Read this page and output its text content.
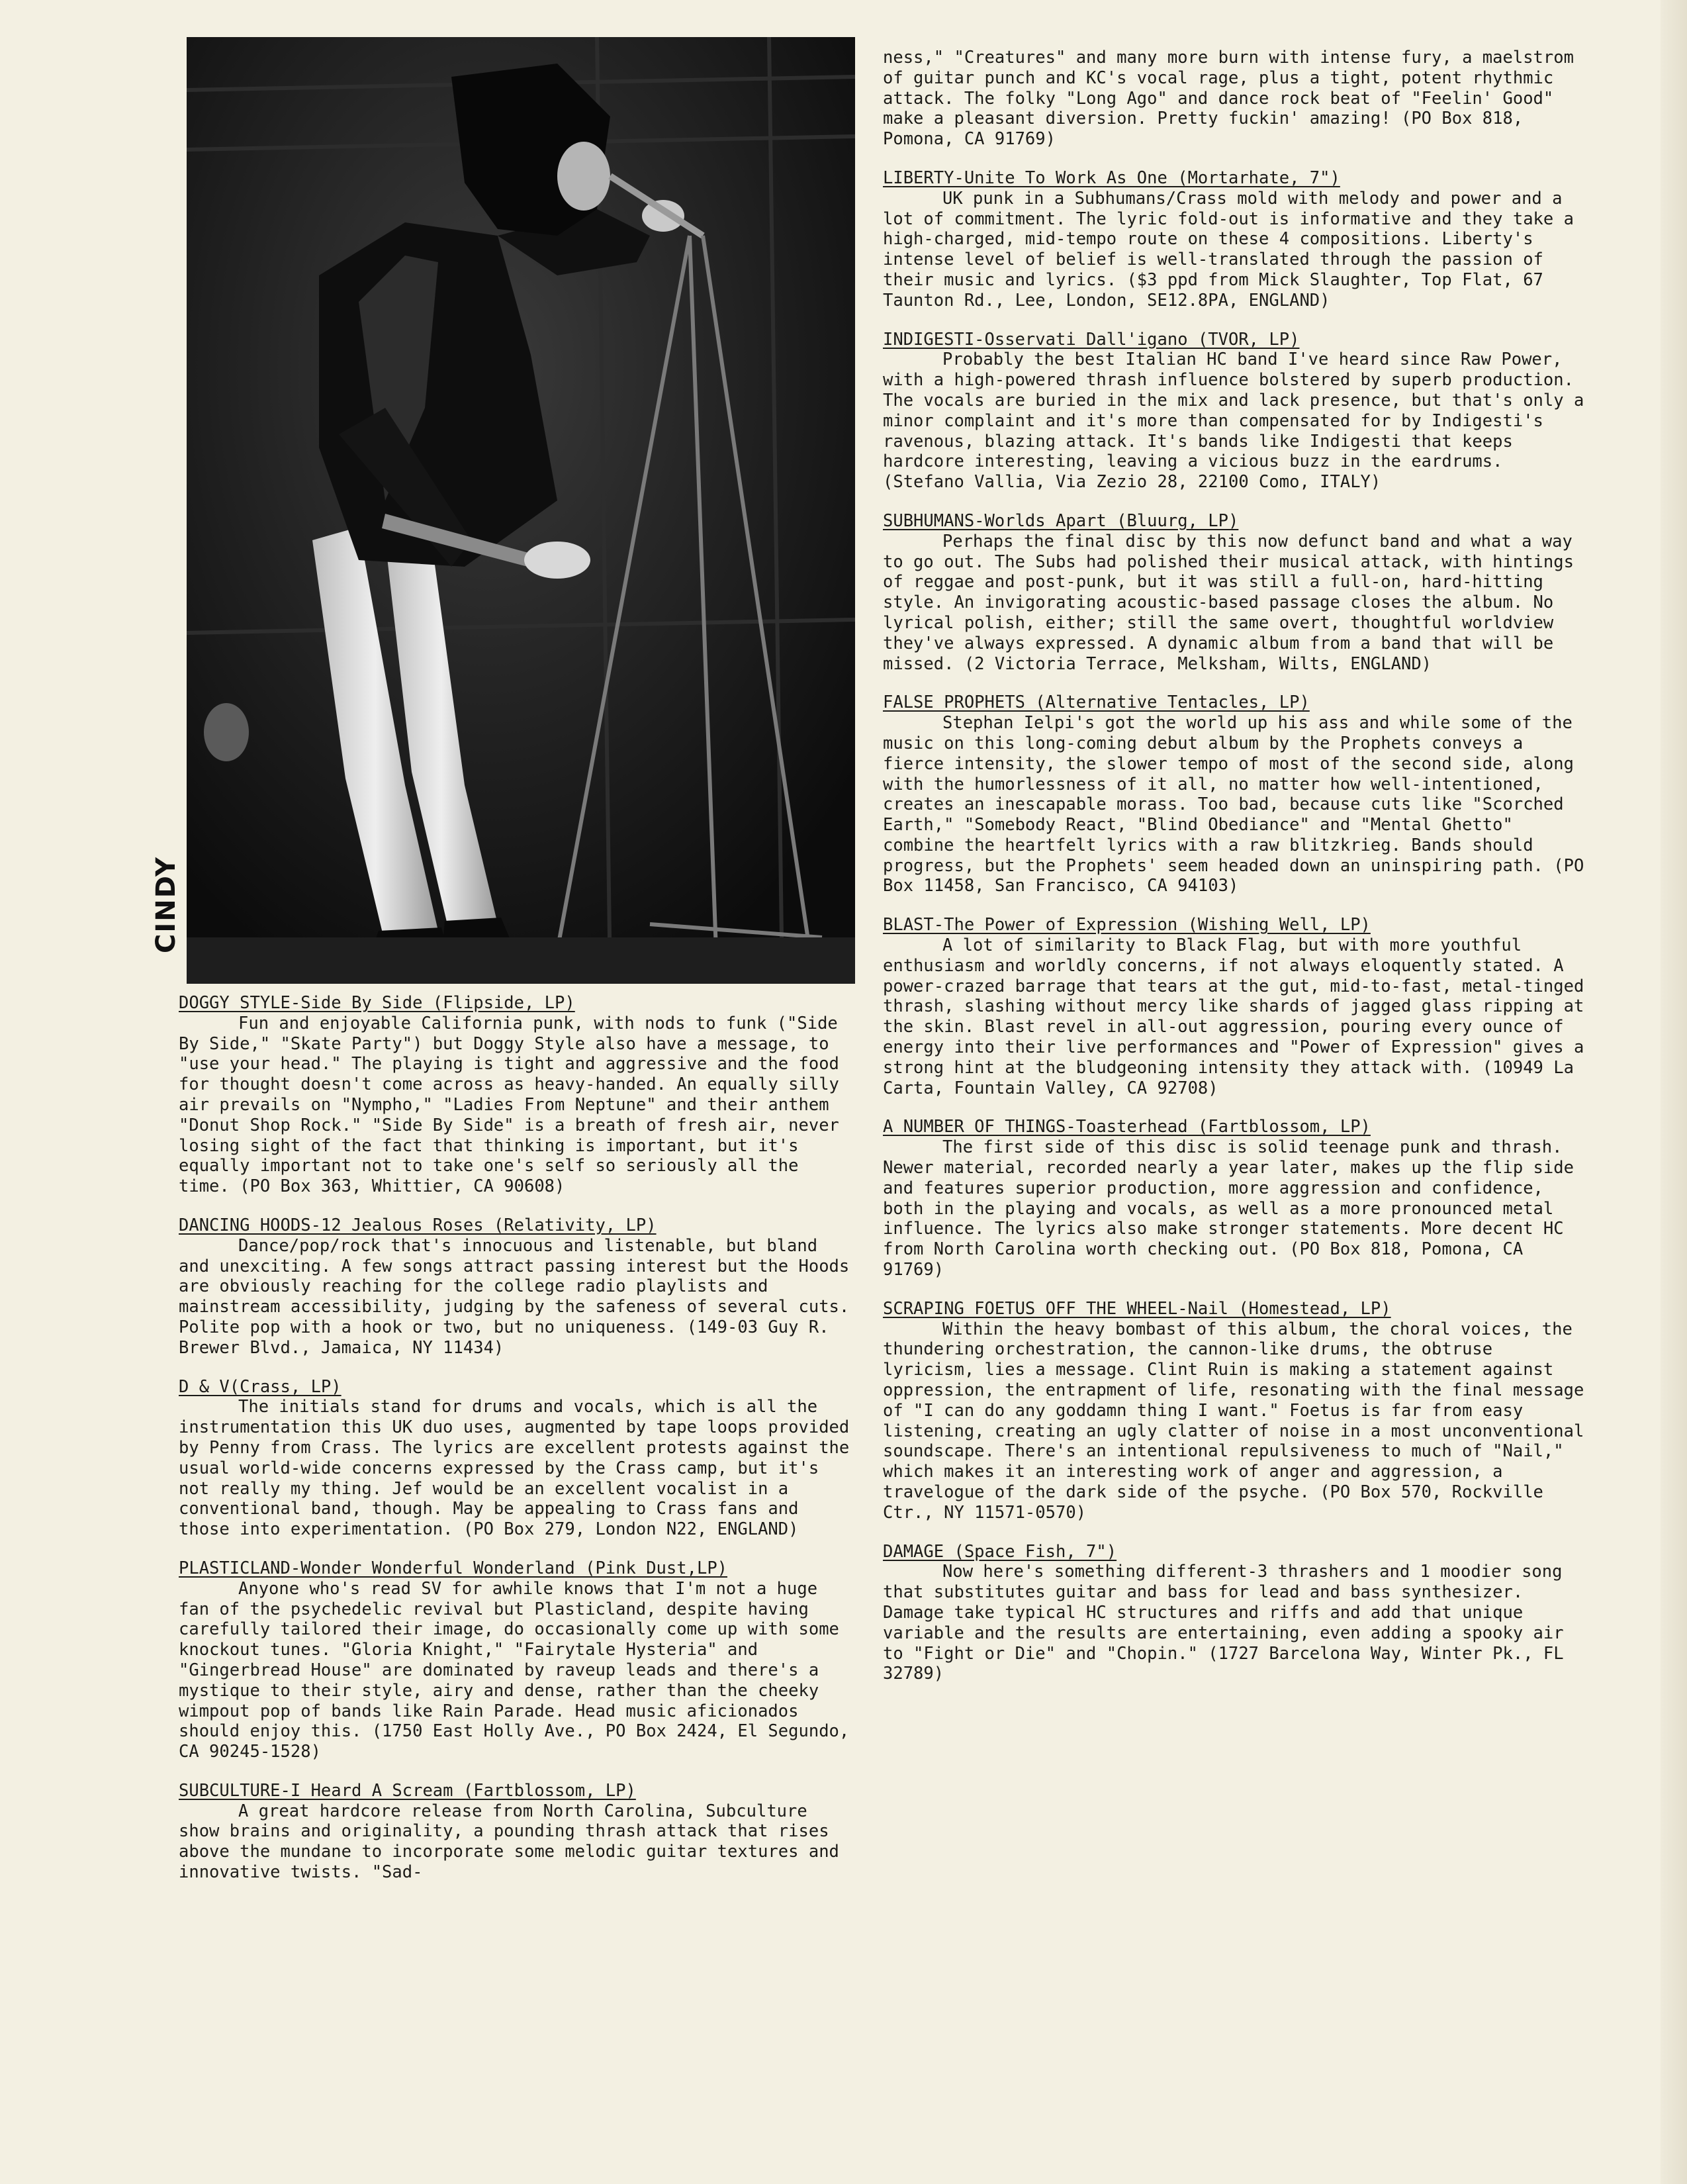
CINDY
DOGGY STYLE-Side By Side (Flipside, LP)

Fun and enjoyable California punk, with nods to funk ("Side By Side," "Skate Party") but Doggy Style also have a message, to "use your head." The playing is tight and aggressive and the food for thought doesn't come across as heavy-handed. An equally silly air prevails on "Nympho," "Ladies From Neptune" and their anthem "Donut Shop Rock." "Side By Side" is a breath of fresh air, never losing sight of the fact that thinking is important, but it's equally important not to take one's self so seriously all the time. (PO Box 363, Whittier, CA 90608)

DANCING HOODS-12 Jealous Roses (Relativity, LP)

Dance/pop/rock that's innocuous and listenable, but bland and unexciting. A few songs attract passing interest but the Hoods are obviously reaching for the college radio playlists and mainstream accessibility, judging by the safeness of several cuts. Polite pop with a hook or two, but no uniqueness. (149-03 Guy R. Brewer Blvd., Jamaica, NY 11434)

D & V(Crass, LP)

The initials stand for drums and vocals, which is all the instrumentation this UK duo uses, augmented by tape loops provided by Penny from Crass. The lyrics are excellent protests against the usual world-wide concerns expressed by the Crass camp, but it's not really my thing. Jef would be an excellent vocalist in a conventional band, though. May be appealing to Crass fans and those into experimentation. (PO Box 279, London N22, ENGLAND)

PLASTICLAND-Wonder Wonderful Wonderland (Pink Dust,LP)

Anyone who's read SV for awhile knows that I'm not a huge fan of the psychedelic revival but Plasticland, despite having carefully tailored their image, do occasionally come up with some knockout tunes. "Gloria Knight," "Fairytale Hysteria" and "Gingerbread House" are dominated by raveup leads and there's a mystique to their style, airy and dense, rather than the cheeky wimpout pop of bands like Rain Parade. Head music aficionados should enjoy this. (1750 East Holly Ave., PO Box 2424, El Segundo, CA 90245-1528)

SUBCULTURE-I Heard A Scream (Fartblossom, LP)

A great hardcore release from North Carolina, Subculture show brains and originality, a pounding thrash attack that rises above the mundane to incorporate some melodic guitar textures and innovative twists. "Sad-

ness," "Creatures" and many more burn with intense fury, a maelstrom of guitar punch and KC's vocal rage, plus a tight, potent rhythmic attack. The folky "Long Ago" and dance rock beat of "Feelin' Good" make a pleasant diversion. Pretty fuckin' amazing! (PO Box 818, Pomona, CA 91769)

LIBERTY-Unite To Work As One (Mortarhate, 7")

UK punk in a Subhumans/Crass mold with melody and power and a lot of commitment. The lyric fold-out is informative and they take a high-charged, mid-tempo route on these 4 compositions. Liberty's intense level of belief is well-translated through the passion of their music and lyrics. ($3 ppd from Mick Slaughter, Top Flat, 67 Taunton Rd., Lee, London, SE12.8PA, ENGLAND)

INDIGESTI-Osservati Dall'igano (TVOR, LP)

Probably the best Italian HC band I've heard since Raw Power, with a high-powered thrash influence bolstered by superb production. The vocals are buried in the mix and lack presence, but that's only a minor complaint and it's more than compensated for by Indigesti's ravenous, blazing attack. It's bands like Indigesti that keeps hardcore interesting, leaving a vicious buzz in the eardrums. (Stefano Vallia, Via Zezio 28, 22100 Como, ITALY)

SUBHUMANS-Worlds Apart (Bluurg, LP)

Perhaps the final disc by this now defunct band and what a way to go out. The Subs had polished their musical attack, with hintings of reggae and post-punk, but it was still a full-on, hard-hitting style. An invigorating acoustic-based passage closes the album. No lyrical polish, either; still the same overt, thoughtful worldview they've always expressed. A dynamic album from a band that will be missed. (2 Victoria Terrace, Melksham, Wilts, ENGLAND)

FALSE PROPHETS (Alternative Tentacles, LP)

Stephan Ielpi's got the world up his ass and while some of the music on this long-coming debut album by the Prophets conveys a fierce intensity, the slower tempo of most of the second side, along with the humorlessness of it all, no matter how well-intentioned, creates an inescapable morass. Too bad, because cuts like "Scorched Earth," "Somebody React, "Blind Obediance" and "Mental Ghetto" combine the heartfelt lyrics with a raw blitzkrieg. Bands should progress, but the Prophets' seem headed down an uninspiring path. (PO Box 11458, San Francisco, CA 94103)

BLAST-The Power of Expression (Wishing Well, LP)

A lot of similarity to Black Flag, but with more youthful enthusiasm and worldly concerns, if not always eloquently stated. A power-crazed barrage that tears at the gut, mid-to-fast, metal-tinged thrash, slashing without mercy like shards of jagged glass ripping at the skin. Blast revel in all-out aggression, pouring every ounce of energy into their live performances and "Power of Expression" gives a strong hint at the bludgeoning intensity they attack with. (10949 La Carta, Fountain Valley, CA 92708)

A NUMBER OF THINGS-Toasterhead (Fartblossom, LP)

The first side of this disc is solid teenage punk and thrash. Newer material, recorded nearly a year later, makes up the flip side and features superior production, more aggression and confidence, both in the playing and vocals, as well as a more pronounced metal influence. The lyrics also make stronger statements. More decent HC from North Carolina worth checking out. (PO Box 818, Pomona, CA 91769)

SCRAPING FOETUS OFF THE WHEEL-Nail (Homestead, LP)

Within the heavy bombast of this album, the choral voices, the thundering orchestration, the cannon-like drums, the obtruse lyricism, lies a message. Clint Ruin is making a statement against oppression, the entrapment of life, resonating with the final message of "I can do any goddamn thing I want." Foetus is far from easy listening, creating an ugly clatter of noise in a most unconventional soundscape. There's an intentional repulsiveness to much of "Nail," which makes it an interesting work of anger and aggression, a travelogue of the dark side of the psyche. (PO Box 570, Rockville Ctr., NY 11571-0570)

DAMAGE (Space Fish, 7")

Now here's something different-3 thrashers and 1 moodier song that substitutes guitar and bass for lead and bass synthesizer. Damage take typical HC structures and riffs and add that unique variable and the results are entertaining, even adding a spooky air to "Fight or Die" and "Chopin." (1727 Barcelona Way, Winter Pk., FL 32789)
